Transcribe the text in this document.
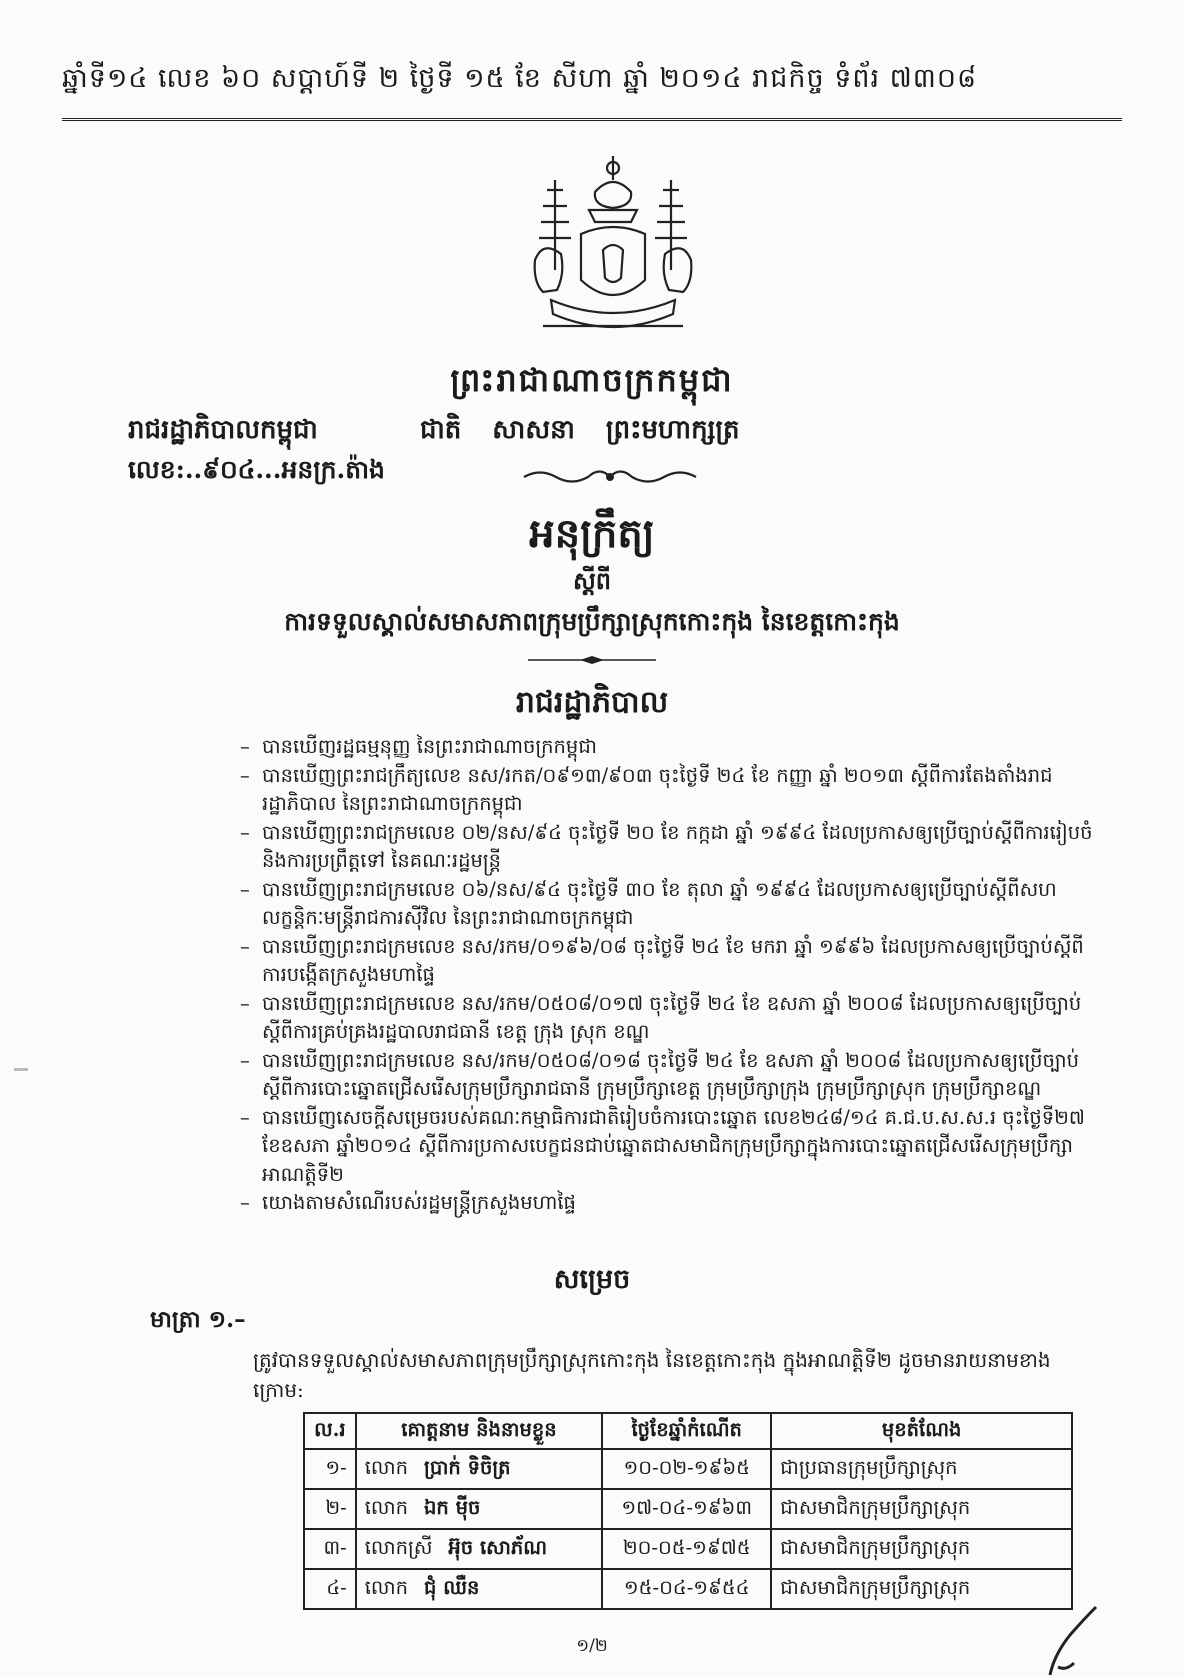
ឆ្នាំទី១៤ លេខ ៦០ សប្តាហ៍ទី ២ ថ្ងៃទី ១៥ ខែ សីហា ឆ្នាំ ២០១៤ រាជកិច្ច ទំព័រ ៧៣០៨
ព្រះរាជាណាចក្រកម្ពុជា
រាជរដ្ឋាភិបាលកម្ពុជា	ជាតិ សាសនា ព្រះមហាក្សត្រ
លេខ:..៩០៤...អនក្រ.ត៉ាង
អនុក្រឹត្យ
ស្តីពី
ការទទួលស្គាល់សមាសភាពក្រុមប្រឹក្សាស្រុកកោះកុង នៃខេត្តកោះកុង
រាជរដ្ឋាភិបាល
– បានឃើញរដ្ឋធម្មនុញ្ញ នៃព្រះរាជាណាចក្រកម្ពុជា
– បានឃើញព្រះរាជក្រឹត្យលេខ នស/រកត/០៩១៣/៩០៣ ចុះថ្ងៃទី ២៤ ខែ កញ្ញា ឆ្នាំ ២០១៣ ស្តីពីការតែងតាំងរាជរដ្ឋាភិបាល នៃព្រះរាជាណាចក្រកម្ពុជា
– បានឃើញព្រះរាជក្រមលេខ ០២/នស/៩៤ ចុះថ្ងៃទី ២០ ខែ កក្កដា ឆ្នាំ ១៩៩៤ ដែលប្រកាសឲ្យប្រើច្បាប់ស្តីពីការរៀបចំ និងការប្រព្រឹត្តទៅ នៃគណៈរដ្ឋមន្ត្រី
– បានឃើញព្រះរាជក្រមលេខ ០៦/នស/៩៤ ចុះថ្ងៃទី ៣០ ខែ តុលា ឆ្នាំ ១៩៩៤ ដែលប្រកាសឲ្យប្រើច្បាប់ស្តីពីសហលក្ខន្តិកៈមន្ត្រីរាជការស៊ីវិល នៃព្រះរាជាណាចក្រកម្ពុជា
– បានឃើញព្រះរាជក្រមលេខ នស/រកម/០១៩៦/០៨ ចុះថ្ងៃទី ២៤ ខែ មករា ឆ្នាំ ១៩៩៦ ដែលប្រកាសឲ្យប្រើច្បាប់ស្តីពីការបង្កើតក្រសួងមហាផ្ទៃ
– បានឃើញព្រះរាជក្រមលេខ នស/រកម/០៥០៨/០១៧ ចុះថ្ងៃទី ២៤ ខែ ឧសភា ឆ្នាំ ២០០៨ ដែលប្រកាសឲ្យប្រើច្បាប់ស្តីពីការគ្រប់គ្រងរដ្ឋបាលរាជធានី ខេត្ត ក្រុង ស្រុក ខណ្ឌ
– បានឃើញព្រះរាជក្រមលេខ នស/រកម/០៥០៨/០១៨ ចុះថ្ងៃទី ២៤ ខែ ឧសភា ឆ្នាំ ២០០៨ ដែលប្រកាសឲ្យប្រើច្បាប់ស្តីពីការបោះឆ្នោតជ្រើសរើសក្រុមប្រឹក្សារាជធានី ក្រុមប្រឹក្សាខេត្ត ក្រុមប្រឹក្សាក្រុង ក្រុមប្រឹក្សាស្រុក ក្រុមប្រឹក្សាខណ្ឌ
– បានឃើញសេចក្តីសម្រេចរបស់គណៈកម្មាធិការជាតិរៀបចំការបោះឆ្នោត លេខ២៤៨/១៤ គ.ជ.ប.ស.ស.រ ចុះថ្ងៃទី២៧ ខែឧសភា ឆ្នាំ២០១៤ ស្តីពីការប្រកាសបេក្ខជនជាប់ឆ្នោតជាសមាជិកក្រុមប្រឹក្សាក្នុងការបោះឆ្នោតជ្រើសរើសក្រុមប្រឹក្សា អាណត្តិទី២
– យោងតាមសំណើរបស់រដ្ឋមន្ត្រីក្រសួងមហាផ្ទៃ
សម្រេច
មាត្រា ១.–
ត្រូវបានទទួលស្គាល់សមាសភាពក្រុមប្រឹក្សាស្រុកកោះកុង នៃខេត្តកោះកុង ក្នុងអាណត្តិទី២ ដូចមានរាយនាមខាងក្រោម:
ល.រ	គោត្តនាម និងនាមខ្លួន	ថ្ងៃខែឆ្នាំកំណើត	មុខតំណែង
១-	លោក ប្រាក់ ទិចិត្រ	១០-០២-១៩៦៥	ជាប្រធានក្រុមប្រឹក្សាស្រុក
២-	លោក ឯក មុីច	១៧-០៤-១៩៦៣	ជាសមាជិកក្រុមប្រឹក្សាស្រុក
៣-	លោកស្រី អ៊ុច សោភ័ណ	២០-០៥-១៩៧៥	ជាសមាជិកក្រុមប្រឹក្សាស្រុក
៤-	លោក ជុំ ឈឺន	១៥-០៤-១៩៥៤	ជាសមាជិកក្រុមប្រឹក្សាស្រុក
១/២
